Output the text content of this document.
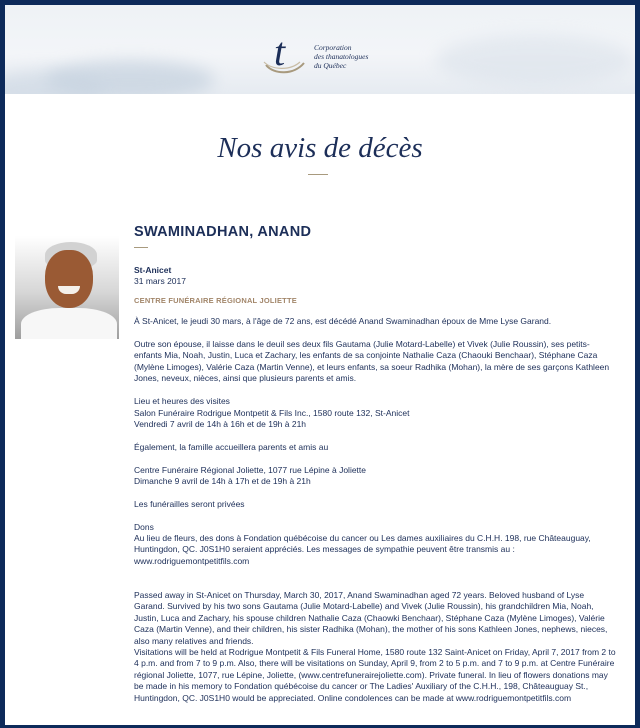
t	Corporation
des thanatologues
du Québec
Nos avis de décès
SWAMINADHAN, ANAND
St-Anicet
31 mars 2017
CENTRE FUNÉRAIRE RÉGIONAL JOLIETTE

À St-Anicet, le jeudi 30 mars, à l'âge de 72 ans, est décédé Anand Swaminadhan époux de Mme Lyse Garand.

Outre son épouse, il laisse dans le deuil ses deux fils Gautama (Julie Motard-Labelle) et Vivek (Julie Roussin), ses petits-enfants Mia, Noah, Justin, Luca et Zachary, les enfants de sa conjointe Nathalie Caza (Chaouki Benchaar), Stéphane Caza (Mylène Limoges), Valérie Caza (Martin Venne), et leurs enfants, sa soeur Radhika (Mohan), la mère de ses garçons Kathleen Jones, neveux, nièces, ainsi que plusieurs parents et amis.

Lieu et heures des visites

Salon Funéraire Rodrigue Montpetit & Fils Inc., 1580 route 132, St-Anicet

Vendredi 7 avril de 14h à 16h et de 19h à 21h

Également, la famille accueillera parents et amis au

Centre Funéraire Régional Joliette, 1077 rue Lépine à Joliette

Dimanche 9 avril de 14h à 17h et de 19h à 21h

Les funérailles seront privées

Dons

Au lieu de fleurs, des dons à Fondation québécoise du cancer ou Les dames auxiliaires du C.H.H. 198, rue Châteauguay, Huntingdon, QC. J0S1H0 seraient appréciés. Les messages de sympathie peuvent être transmis au : www.rodriguemontpetitfils.com

Passed away in St-Anicet on Thursday, March 30, 2017, Anand Swaminadhan aged 72 years. Beloved husband of Lyse Garand. Survived by his two sons Gautama (Julie Motard-Labelle) and Vivek (Julie Roussin), his grandchildren Mia, Noah, Justin, Luca and Zachary, his spouse children Nathalie Caza (Chaowki Benchaar), Stéphane Caza (Mylène Limoges), Valérie Caza (Martin Venne), and their children, his sister Radhika (Mohan), the mother of his sons Kathleen Jones, nephews, nieces, also many relatives and friends.

Visitations will be held at Rodrigue Montpetit & Fils Funeral Home, 1580 route 132 Saint-Anicet on Friday, April 7, 2017 from 2 to 4 p.m. and from 7 to 9 p.m. Also, there will be visitations on Sunday, April 9, from 2 to 5 p.m. and 7 to 9 p.m. at Centre Funéraire régional Joliette, 1077, rue Lépine, Joliette, (www.centrefunerairejoliette.com). Private funeral. In lieu of flowers donations may be made in his memory to Fondation québécoise du cancer or The Ladies' Auxiliary of the C.H.H., 198, Châteauguay St., Huntingdon, QC. J0S1H0 would be appreciated. Online condolences can be made at www.rodriguemontpetitfils.com
